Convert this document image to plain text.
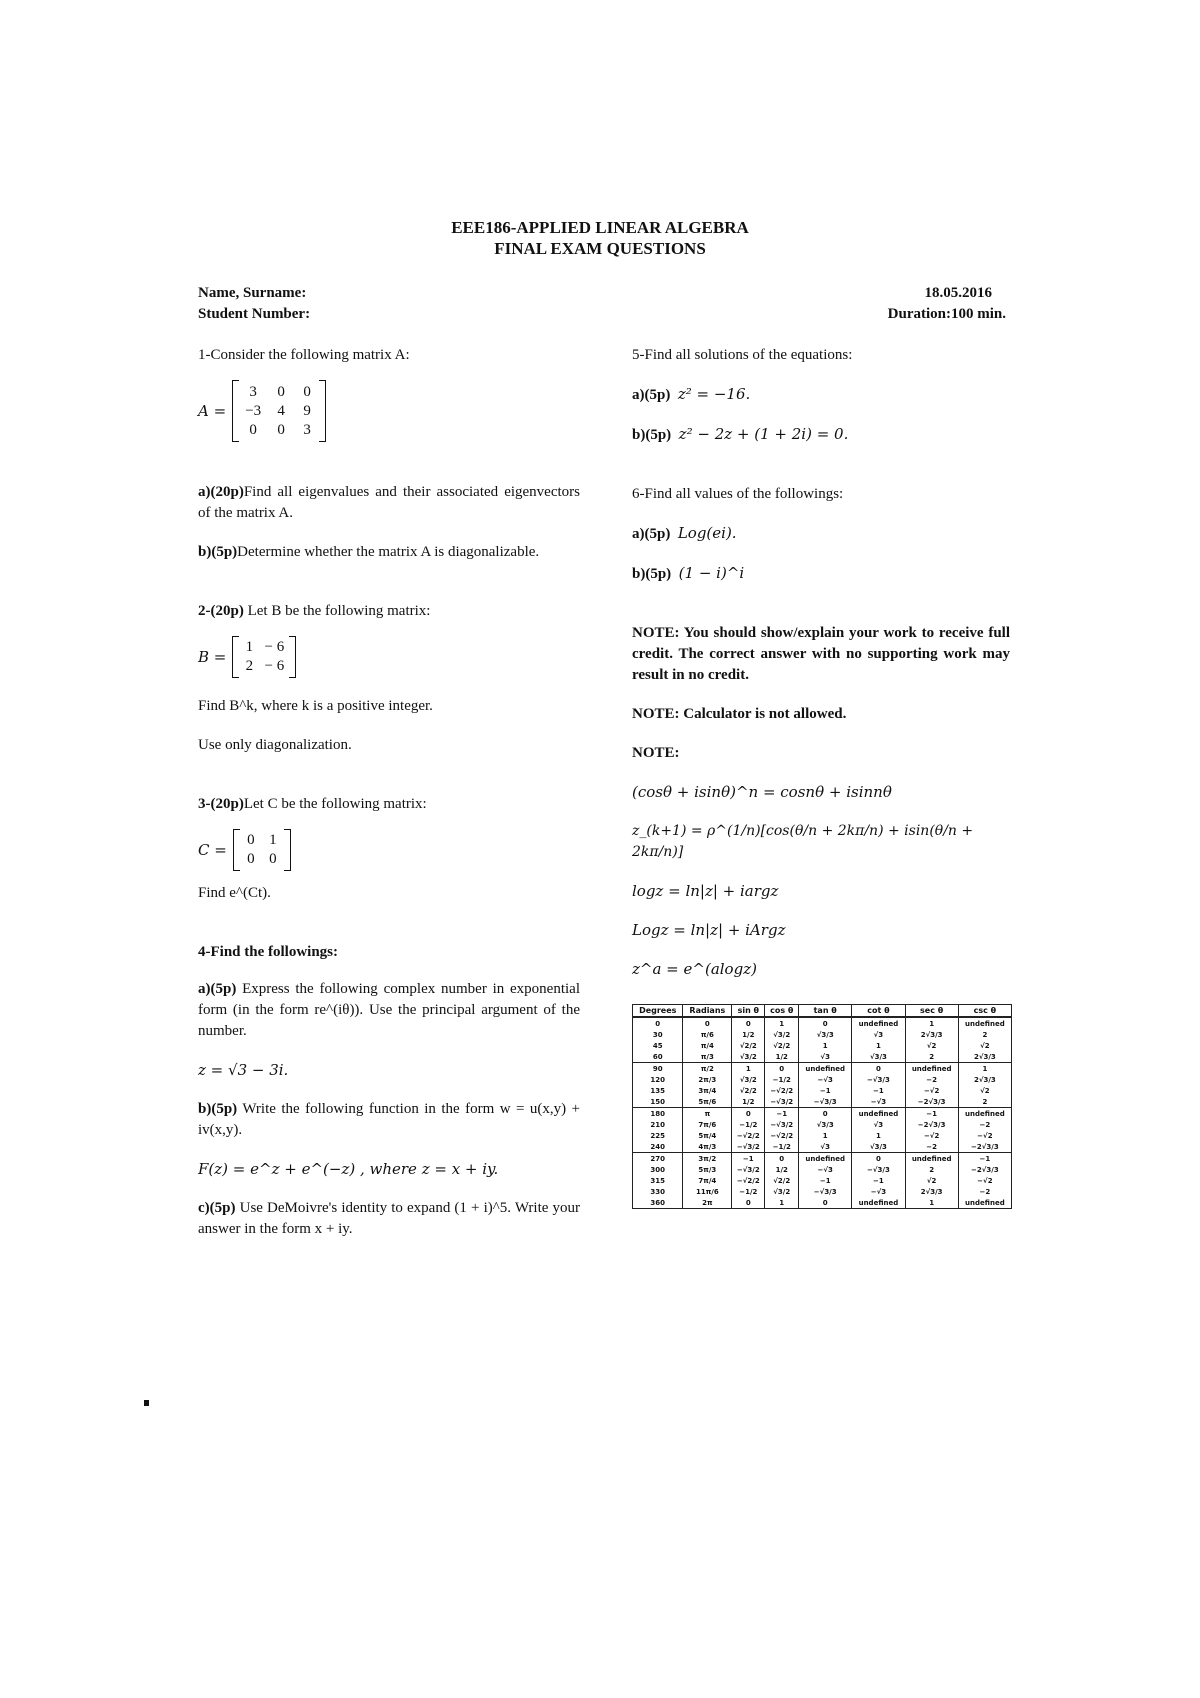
EEE186-APPLIED LINEAR ALGEBRA
FINAL EXAM QUESTIONS
Name, Surname:
Student Number:
18.05.2016
Duration:100 min.
1-Consider the following matrix A:
A =
3	0	0
−3	4	9
0	0	3
a)(20p)Find all eigenvalues and their associated eigenvectors of the matrix A.
b)(5p)Determine whether the matrix A is diagonalizable.
2-(20p) Let B be the following matrix:
B =
1 − 6
2 − 6
Find B^k, where k is a positive integer.
Use only diagonalization.
3-(20p)Let C be the following matrix:
C =
0 1
0 0
Find e^(Ct).
4-Find the followings:
a)(5p) Express the following complex number in exponential form (in the form re^(iθ)). Use the principal argument of the number.
z = √3 − 3i.
b)(5p) Write the following function in the form w = u(x,y) + iv(x,y).
F(z) = e^z + e^(−z) , where z = x + iy.
c)(5p) Use DeMoivre's identity to expand (1 + i)^5. Write your answer in the form x + iy.
5-Find all solutions of the equations:
a)(5p) z² = −16.
b)(5p) z² − 2z + (1 + 2i) = 0.
6-Find all values of the followings:
a)(5p) Log(ei).
b)(5p) (1 − i)^i
NOTE: You should show/explain your work to receive full credit. The correct answer with no supporting work may result in no credit.
NOTE: Calculator is not allowed.
NOTE:
(cosθ + isinθ)^n = cosnθ + isinnθ
z_(k+1) = ρ^(1/n)[cos(θ/n + 2kπ/n) + isin(θ/n + 2kπ/n)]
logz = ln|z| + iargz
Logz = ln|z| + iArgz
z^a = e^(alogz)
Degrees	Radians	sin θ	cos θ	tan θ	cot θ	sec θ	csc θ
0	0	0	1	0	undefined	1	undefined
30	π/6	1/2	√3/2	√3/3	√3	2√3/3	2
45	π/4	√2/2	√2/2	1	1	√2	√2
60	π/3	√3/2	1/2	√3	√3/3	2	2√3/3
90	π/2	1	0	undefined	0	undefined	1
120	2π/3	√3/2	−1/2	−√3	−√3/3	−2	2√3/3
135	3π/4	√2/2	−√2/2	−1	−1	−√2	√2
150	5π/6	1/2	−√3/2	−√3/3	−√3	−2√3/3	2
180	π	0	−1	0	undefined	−1	undefined
210	7π/6	−1/2	−√3/2	√3/3	√3	−2√3/3	−2
225	5π/4	−√2/2	−√2/2	1	1	−√2	−√2
240	4π/3	−√3/2	−1/2	√3	√3/3	−2	−2√3/3
270	3π/2	−1	0	undefined	0	undefined	−1
300	5π/3	−√3/2	1/2	−√3	−√3/3	2	−2√3/3
315	7π/4	−√2/2	√2/2	−1	−1	√2	−√2
330	11π/6	−1/2	√3/2	−√3/3	−√3	2√3/3	−2
360	2π	0	1	0	undefined	1	undefined
